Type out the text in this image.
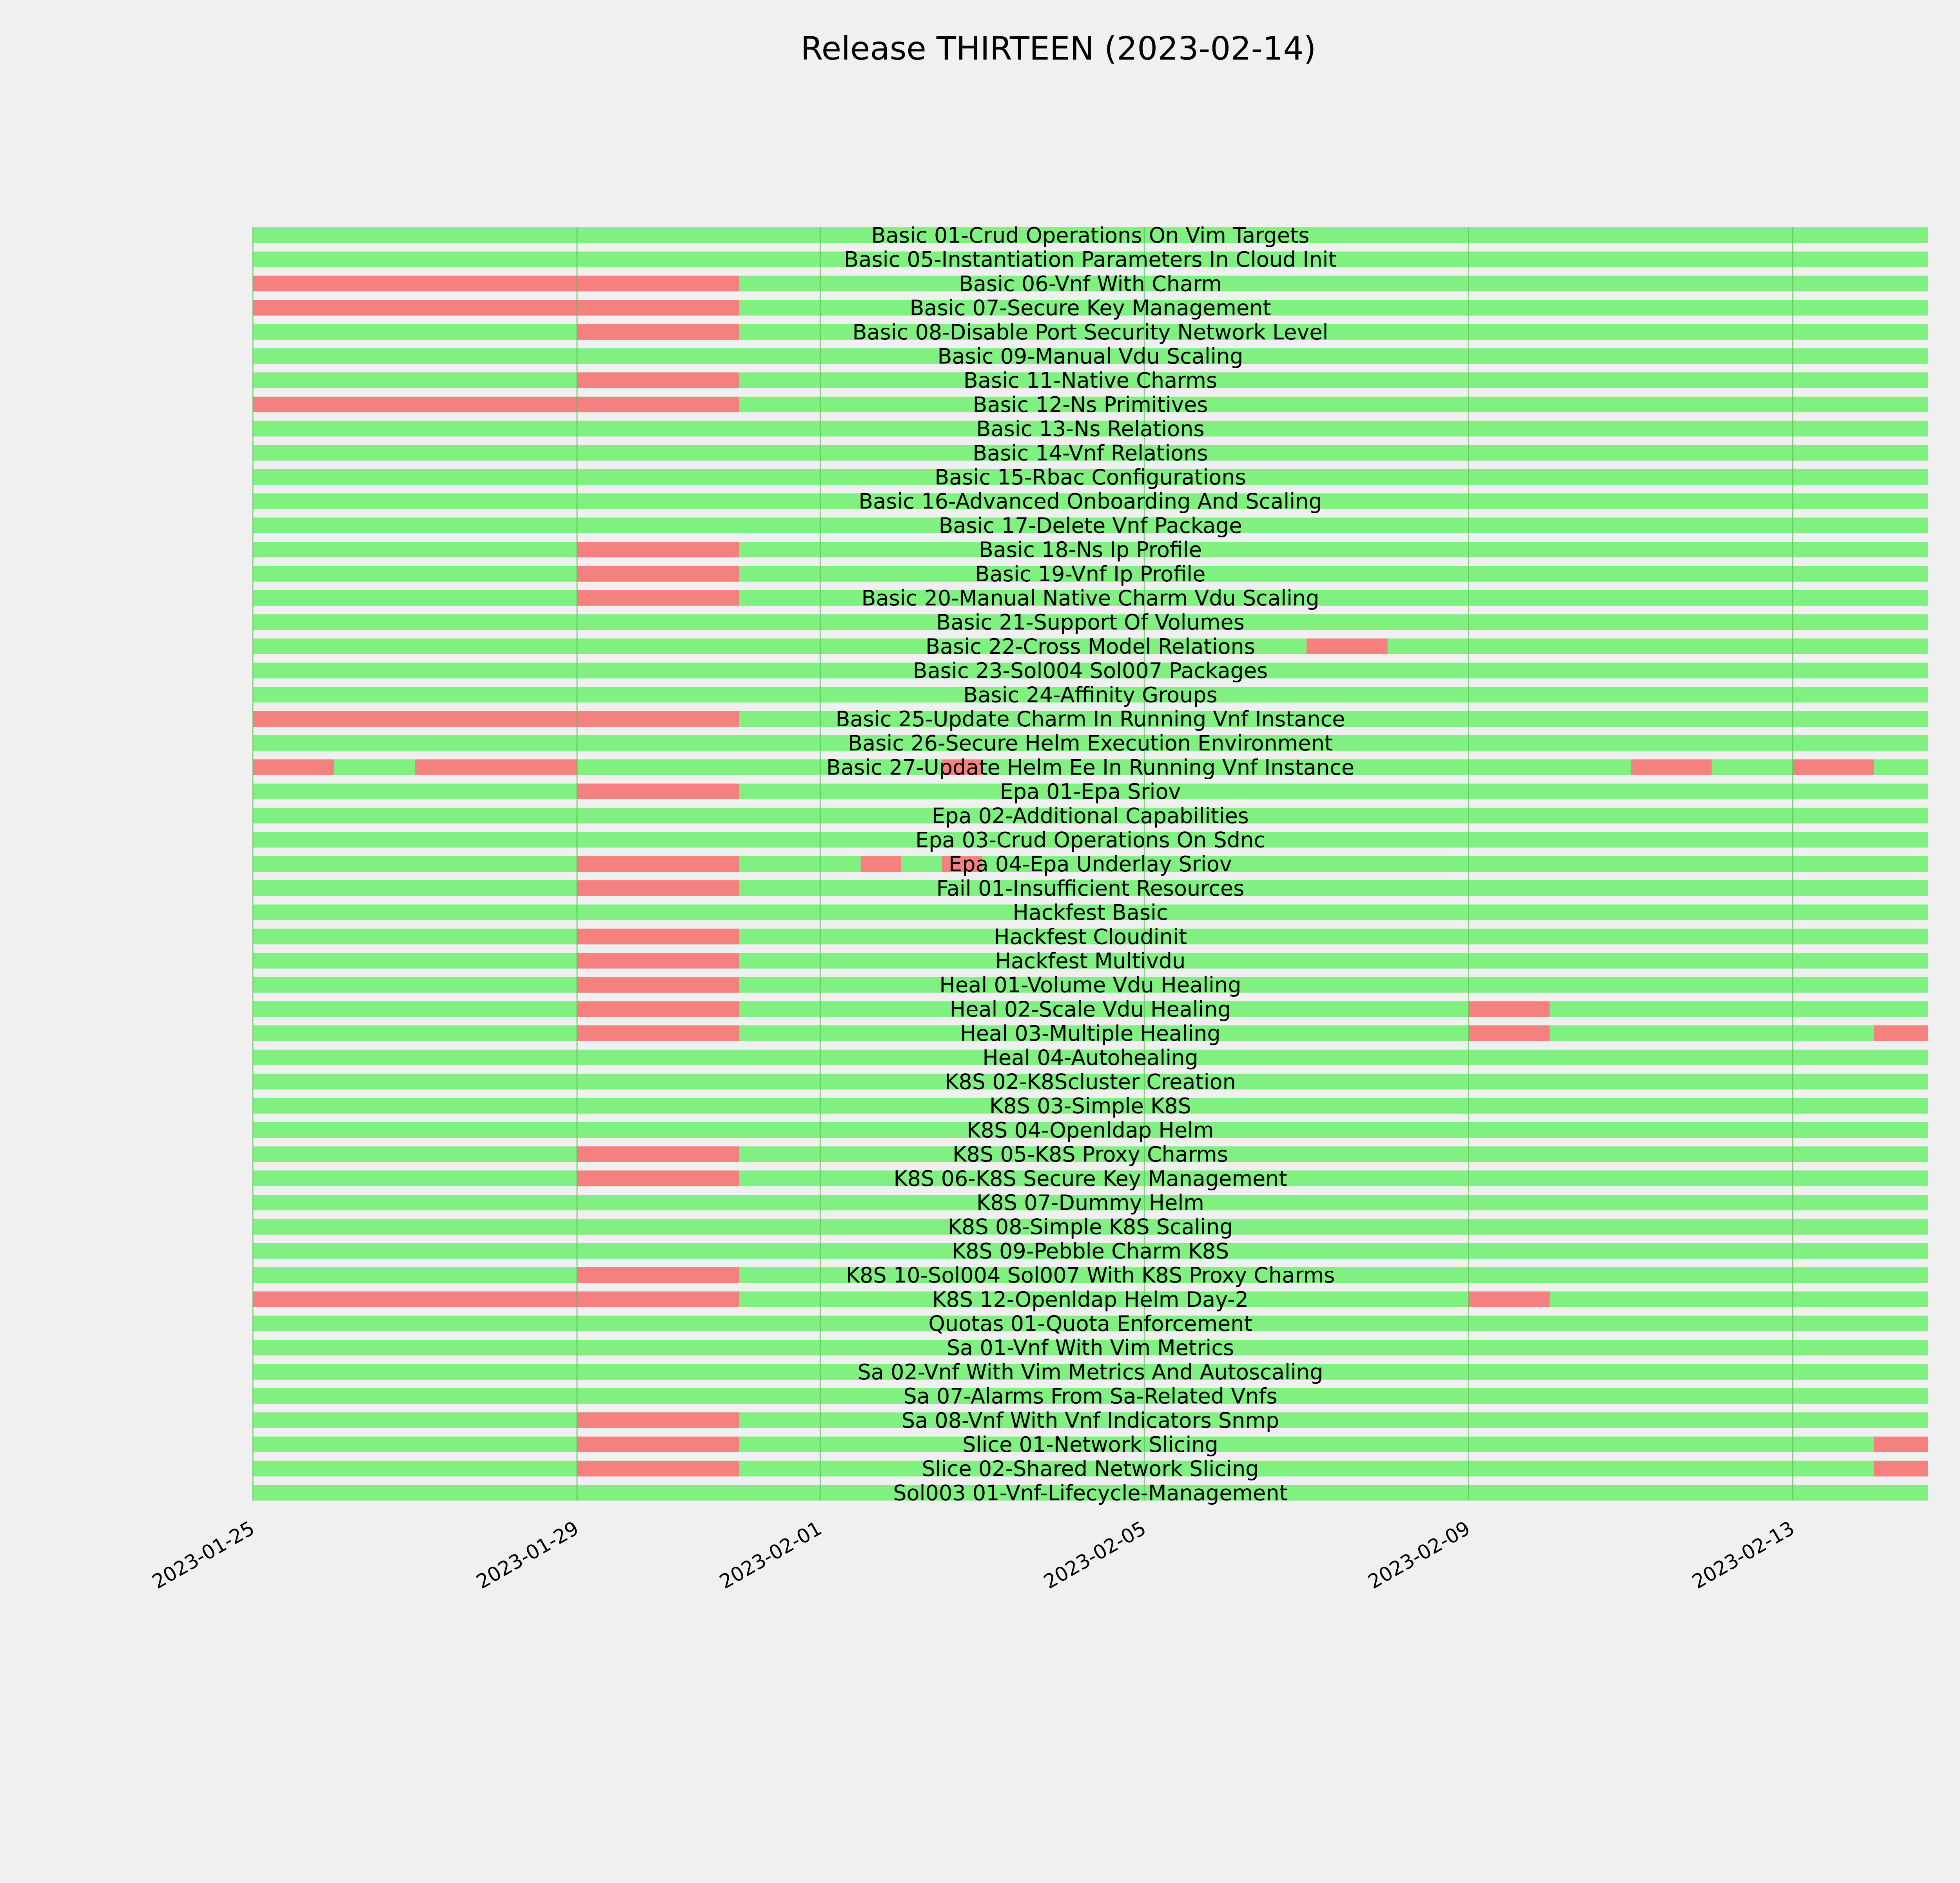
Release THIRTEEN (2023-02-14)
Basic 01-Crud Operations On Vim Targets
Basic 05-Instantiation Parameters In Cloud Init
Basic 06-Vnf With Charm
Basic 07-Secure Key Management
Basic 08-Disable Port Security Network Level
Basic 09-Manual Vdu Scaling
Basic 11-Native Charms
Basic 12-Ns Primitives
Basic 13-Ns Relations
Basic 14-Vnf Relations
Basic 15-Rbac Configurations
Basic 16-Advanced Onboarding And Scaling
Basic 17-Delete Vnf Package
Basic 18-Ns Ip Profile
Basic 19-Vnf Ip Profile
Basic 20-Manual Native Charm Vdu Scaling
Basic 21-Support Of Volumes
Basic 22-Cross Model Relations
Basic 23-Sol004 Sol007 Packages
Basic 24-Affinity Groups
Basic 25-Update Charm In Running Vnf Instance
Basic 26-Secure Helm Execution Environment
Basic 27-Update Helm Ee In Running Vnf Instance
Epa 01-Epa Sriov
Epa 02-Additional Capabilities
Epa 03-Crud Operations On Sdnc
Epa 04-Epa Underlay Sriov
Fail 01-Insufficient Resources
Hackfest Basic
Hackfest Cloudinit
Hackfest Multivdu
Heal 01-Volume Vdu Healing
Heal 02-Scale Vdu Healing
Heal 03-Multiple Healing
Heal 04-Autohealing
K8S 02-K8Scluster Creation
K8S 03-Simple K8S
K8S 04-Openldap Helm
K8S 05-K8S Proxy Charms
K8S 06-K8S Secure Key Management
K8S 07-Dummy Helm
K8S 08-Simple K8S Scaling
K8S 09-Pebble Charm K8S
K8S 10-Sol004 Sol007 With K8S Proxy Charms
K8S 12-Openldap Helm Day-2
Quotas 01-Quota Enforcement
Sa 01-Vnf With Vim Metrics
Sa 02-Vnf With Vim Metrics And Autoscaling
Sa 07-Alarms From Sa-Related Vnfs
Sa 08-Vnf With Vnf Indicators Snmp
Slice 01-Network Slicing
Slice 02-Shared Network Slicing
Sol003 01-Vnf-Lifecycle-Management
2023-01-25	2023-01-29	2023-02-01	2023-02-05	2023-02-09	2023-02-13
